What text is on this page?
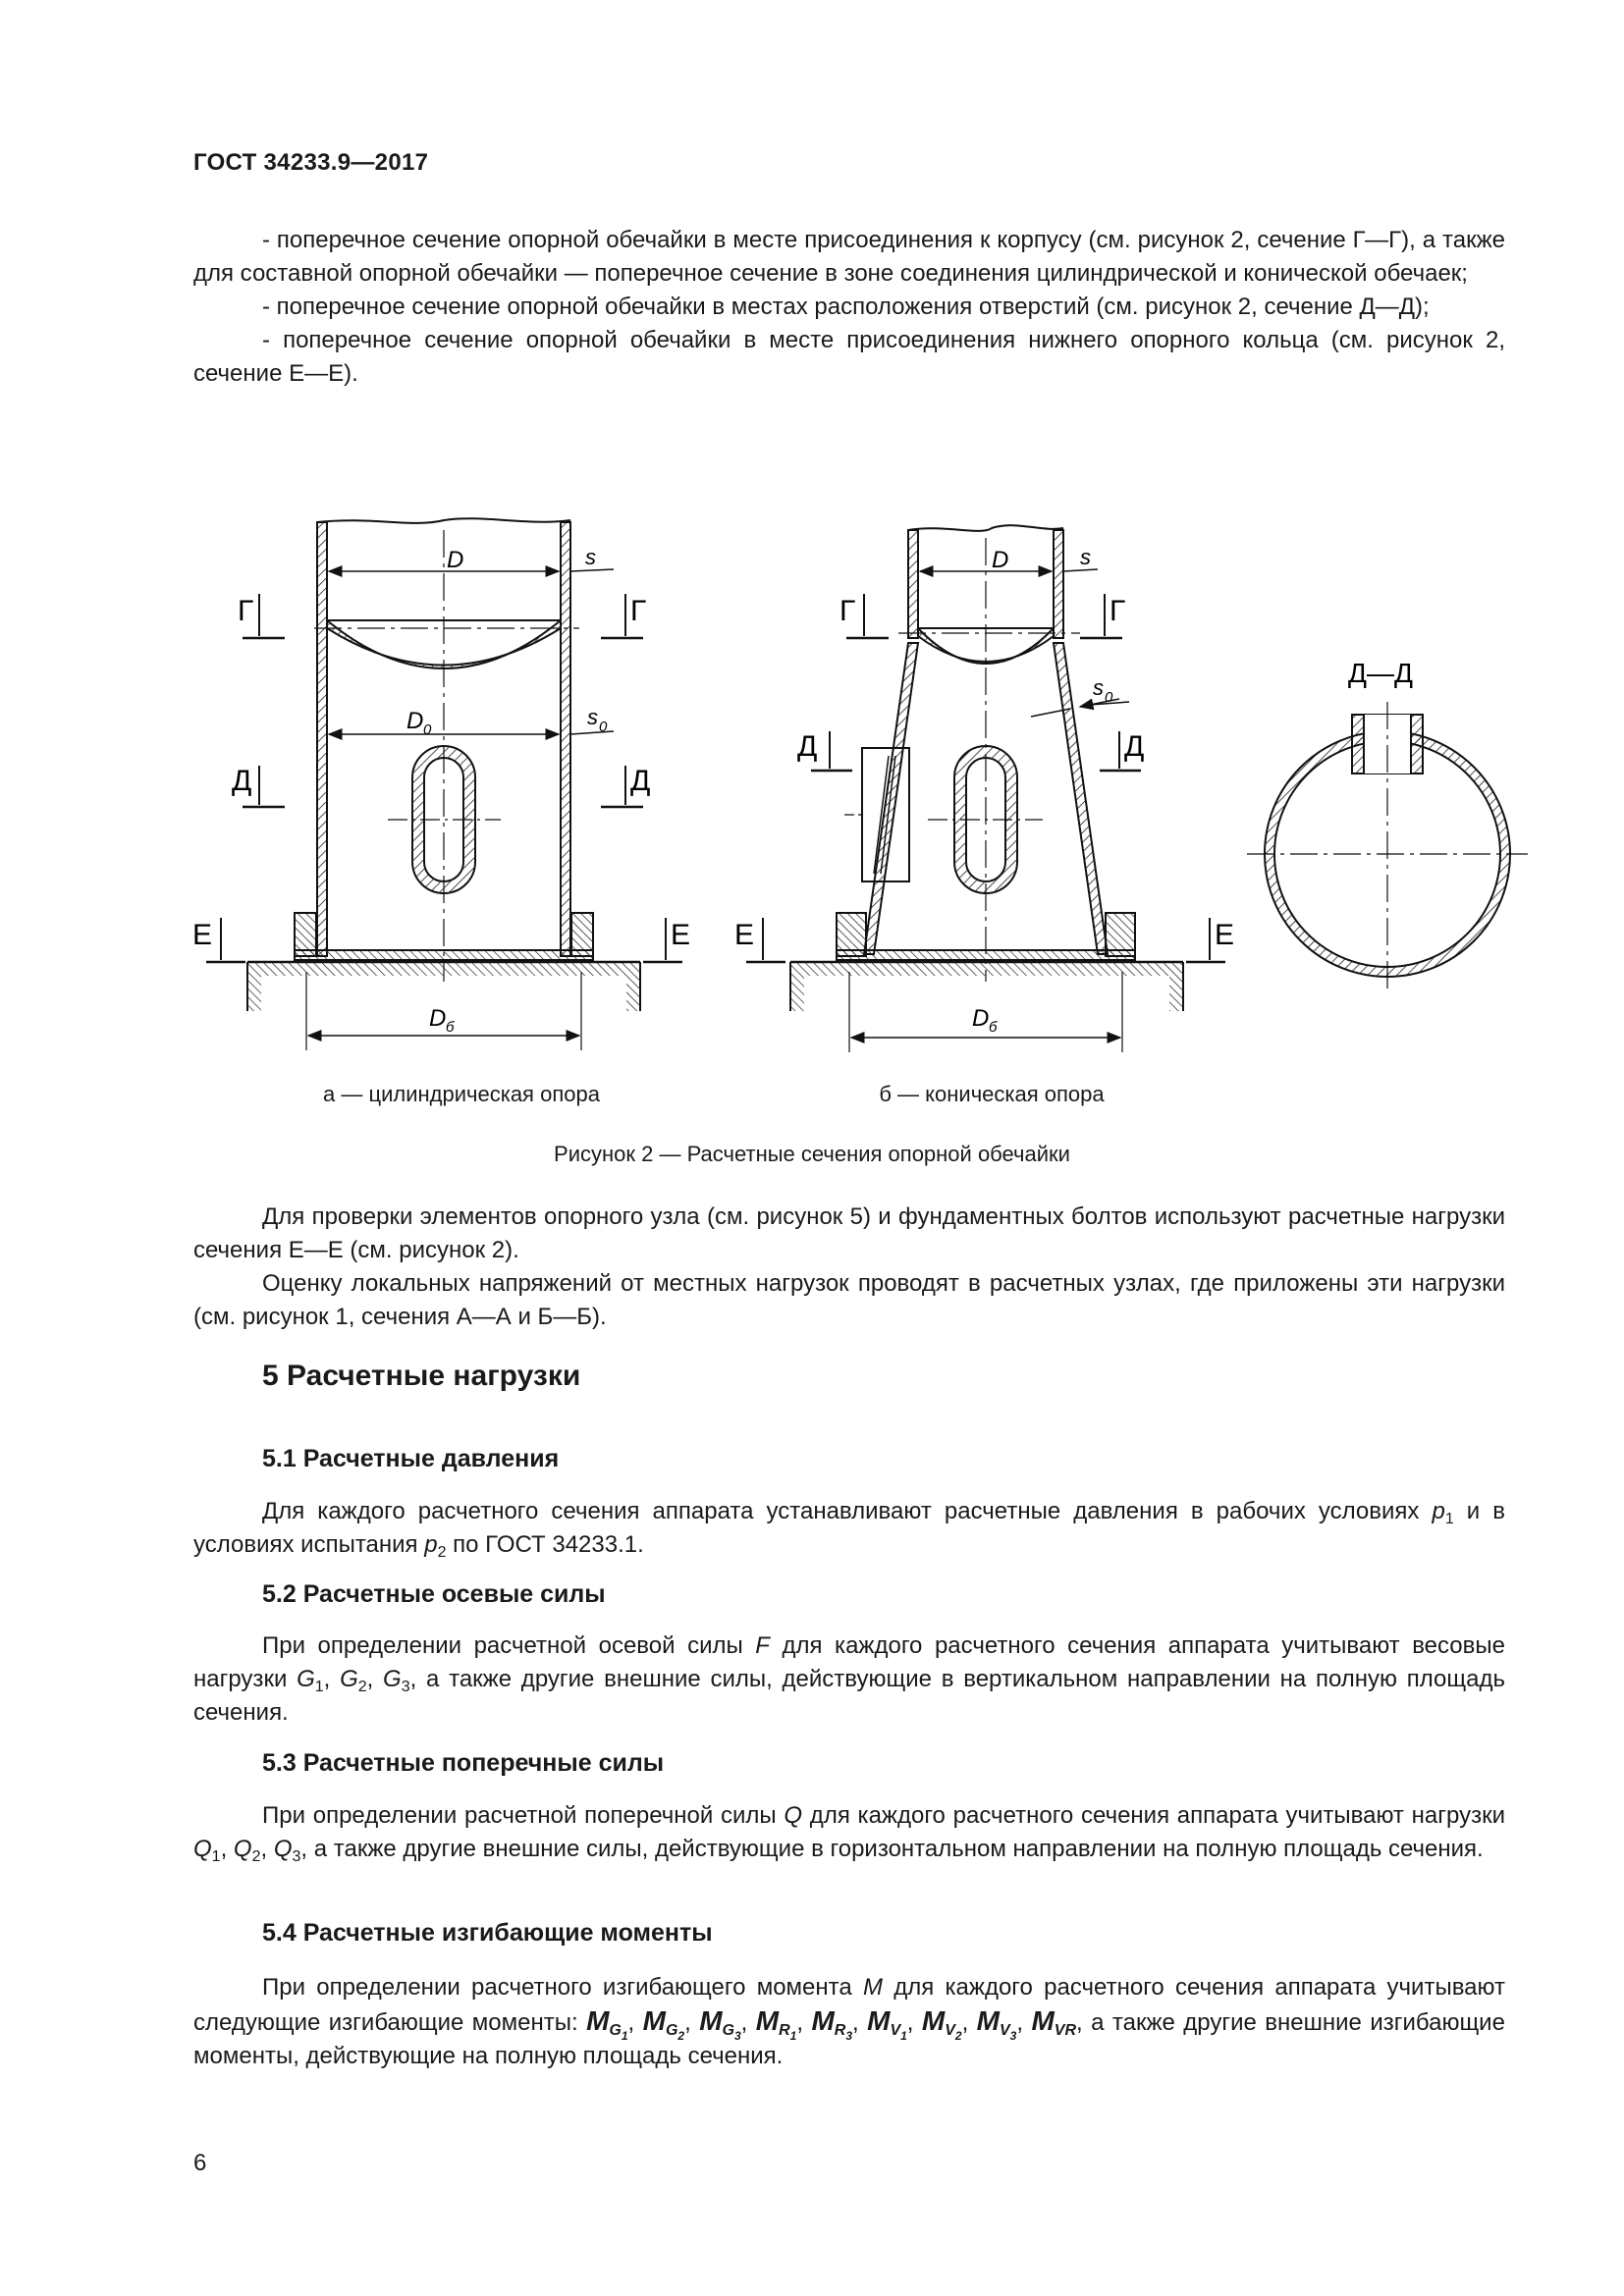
ГОСТ 34233.9—2017

- поперечное сечение опорной обечайки в месте присоединения к корпусу (см. рисунок 2, сечение Г—Г), а также для составной опорной обечайки — поперечное сечение в зоне соединения цилиндрической и конической обечаек;

- поперечное сечение опорной обечайки в местах расположения отверстий (см. рисунок 2, сечение Д—Д);

- поперечное сечение опорной обечайки в месте присоединения нижнего опорного кольца (см. рисунок 2, сечение Е—Е).

D	s
D 0
s 0
D б
Г	Г
Д	Д
Е	Е
D	s
s 0
D б
Г	Г
Д	Д
Е	Е
Д—Д
а — цилиндрическая опора	б — коническая опора
Рисунок 2 — Расчетные сечения опорной обечайки

Для проверки элементов опорного узла (см. рисунок 5) и фундаментных болтов используют расчетные нагрузки сечения Е—Е (см. рисунок 2).

Оценку локальных напряжений от местных нагрузок проводят в расчетных узлах, где приложены эти нагрузки (см. рисунок 1, сечения А—А и Б—Б).

5 Расчетные нагрузки
5.1 Расчетные давления

Для каждого расчетного сечения аппарата устанавливают расчетные давления в рабочих условиях $p_1$ и в условиях испытания $p_2$ по ГОСТ 34233.1.

5.2 Расчетные осевые силы

При определении расчетной осевой силы F для каждого расчетного сечения аппарата учитывают весовые нагрузки $G_1$, $G_2$, $G_3$, а также другие внешние силы, действующие в вертикальном направлении на полную площадь сечения.

5.3 Расчетные поперечные силы

При определении расчетной поперечной силы Q для каждого расчетного сечения аппарата учитывают нагрузки $Q_1$, $Q_2$, $Q_3$, а также другие внешние силы, действующие в горизонтальном направлении на полную площадь сечения.

5.4 Расчетные изгибающие моменты

При определении расчетного изгибающего момента M для каждого расчетного сечения аппарата учитывают следующие изгибающие моменты: $M_{G_1}$, $M_{G_2}$, $M_{G_3}$, $M_{R_1}$, $M_{R_3}$, $M_{V_1}$, $M_{V_2}$, $M_{V_3}$, $M_{VR}$, а также другие внешние изгибающие моменты, действующие на полную площадь сечения.

6
